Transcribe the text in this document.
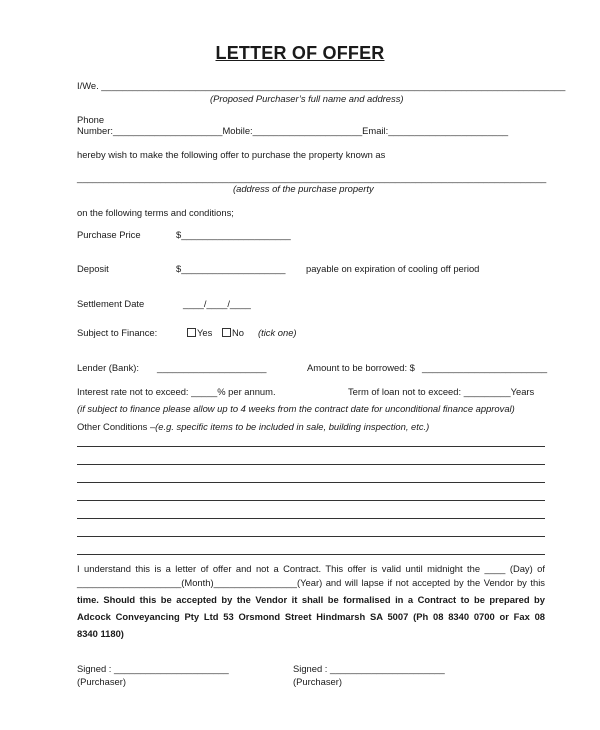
LETTER OF OFFER
I/We. _________________________________________________________________________________________
(Proposed Purchaser’s full name and address)
Phone
Number:_____________________Mobile:_____________________Email:_______________________
hereby wish to make the following offer to purchase the property known as
__________________________________________________________________________________________
(address of the purchase property
on the following terms and conditions;
Purchase Price	$_____________________
Deposit	$____________________ payable on expiration of cooling off period
Settlement Date	____/____/____
Subject to Finance:	Yes	No (tick one)
Lender (Bank): _____________________	Amount to be borrowed: $ ________________________
Interest rate not to exceed: _____% per annum.	Term of loan not to exceed: _________Years
(if subject to finance please allow up to 4 weeks from the contract date for unconditional finance approval)
Other Conditions –(e.g. specific items to be included in sale, building inspection, etc.)
I understand this is a letter of offer and not a Contract. This offer is valid until midnight the ____ (Day) of
____________________(Month)________________(Year) and will lapse if not accepted by the Vendor by this
time. Should this be accepted by the Vendor it shall be formalised in a Contract to be prepared by
Adcock Conveyancing Pty Ltd 53 Orsmond Street Hindmarsh SA 5007 (Ph 08 8340 0700 or Fax 08
8340 1180)
Signed : ______________________
(Purchaser)
Signed : ______________________
(Purchaser)
